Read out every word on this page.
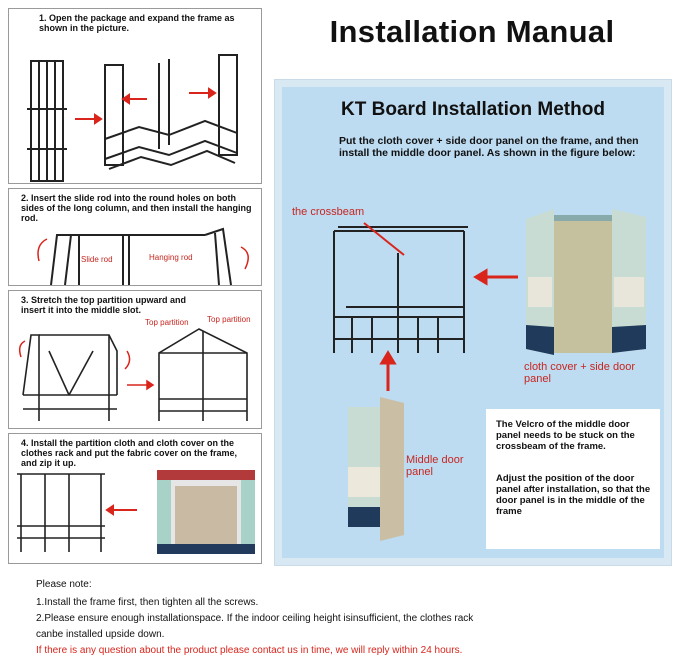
1. Open the package and expand the frame as shown in the picture.
2. Insert the slide rod into the round holes on both sides of the long column, and then install the hanging rod.
Slide rod	Hanging rod
3. Stretch the top partition upward and insert it into the middle slot.
Top partition Top partition
4. Install the partition cloth and cloth cover on the clothes rack and put the fabric cover on the frame, and zip it up.
Installation Manual
KT Board Installation Method
Put the cloth cover + side door panel on the frame, and then install the middle door panel. As shown in the figure below:
the crossbeam
cloth cover + side door panel
Middle door panel

The Velcro of the middle door panel needs to be stuck on the crossbeam of the frame.

Adjust the position of the door panel after installation, so that the door panel is in the middle of the frame

Please note:
1.Install the frame first, then tighten all the screws.
2.Please ensure enough installationspace. If the indoor ceiling height isinsufficient, the clothes rack
canbe installed upside down.
If there is any question about the product please contact us in time, we will reply within 24 hours.
